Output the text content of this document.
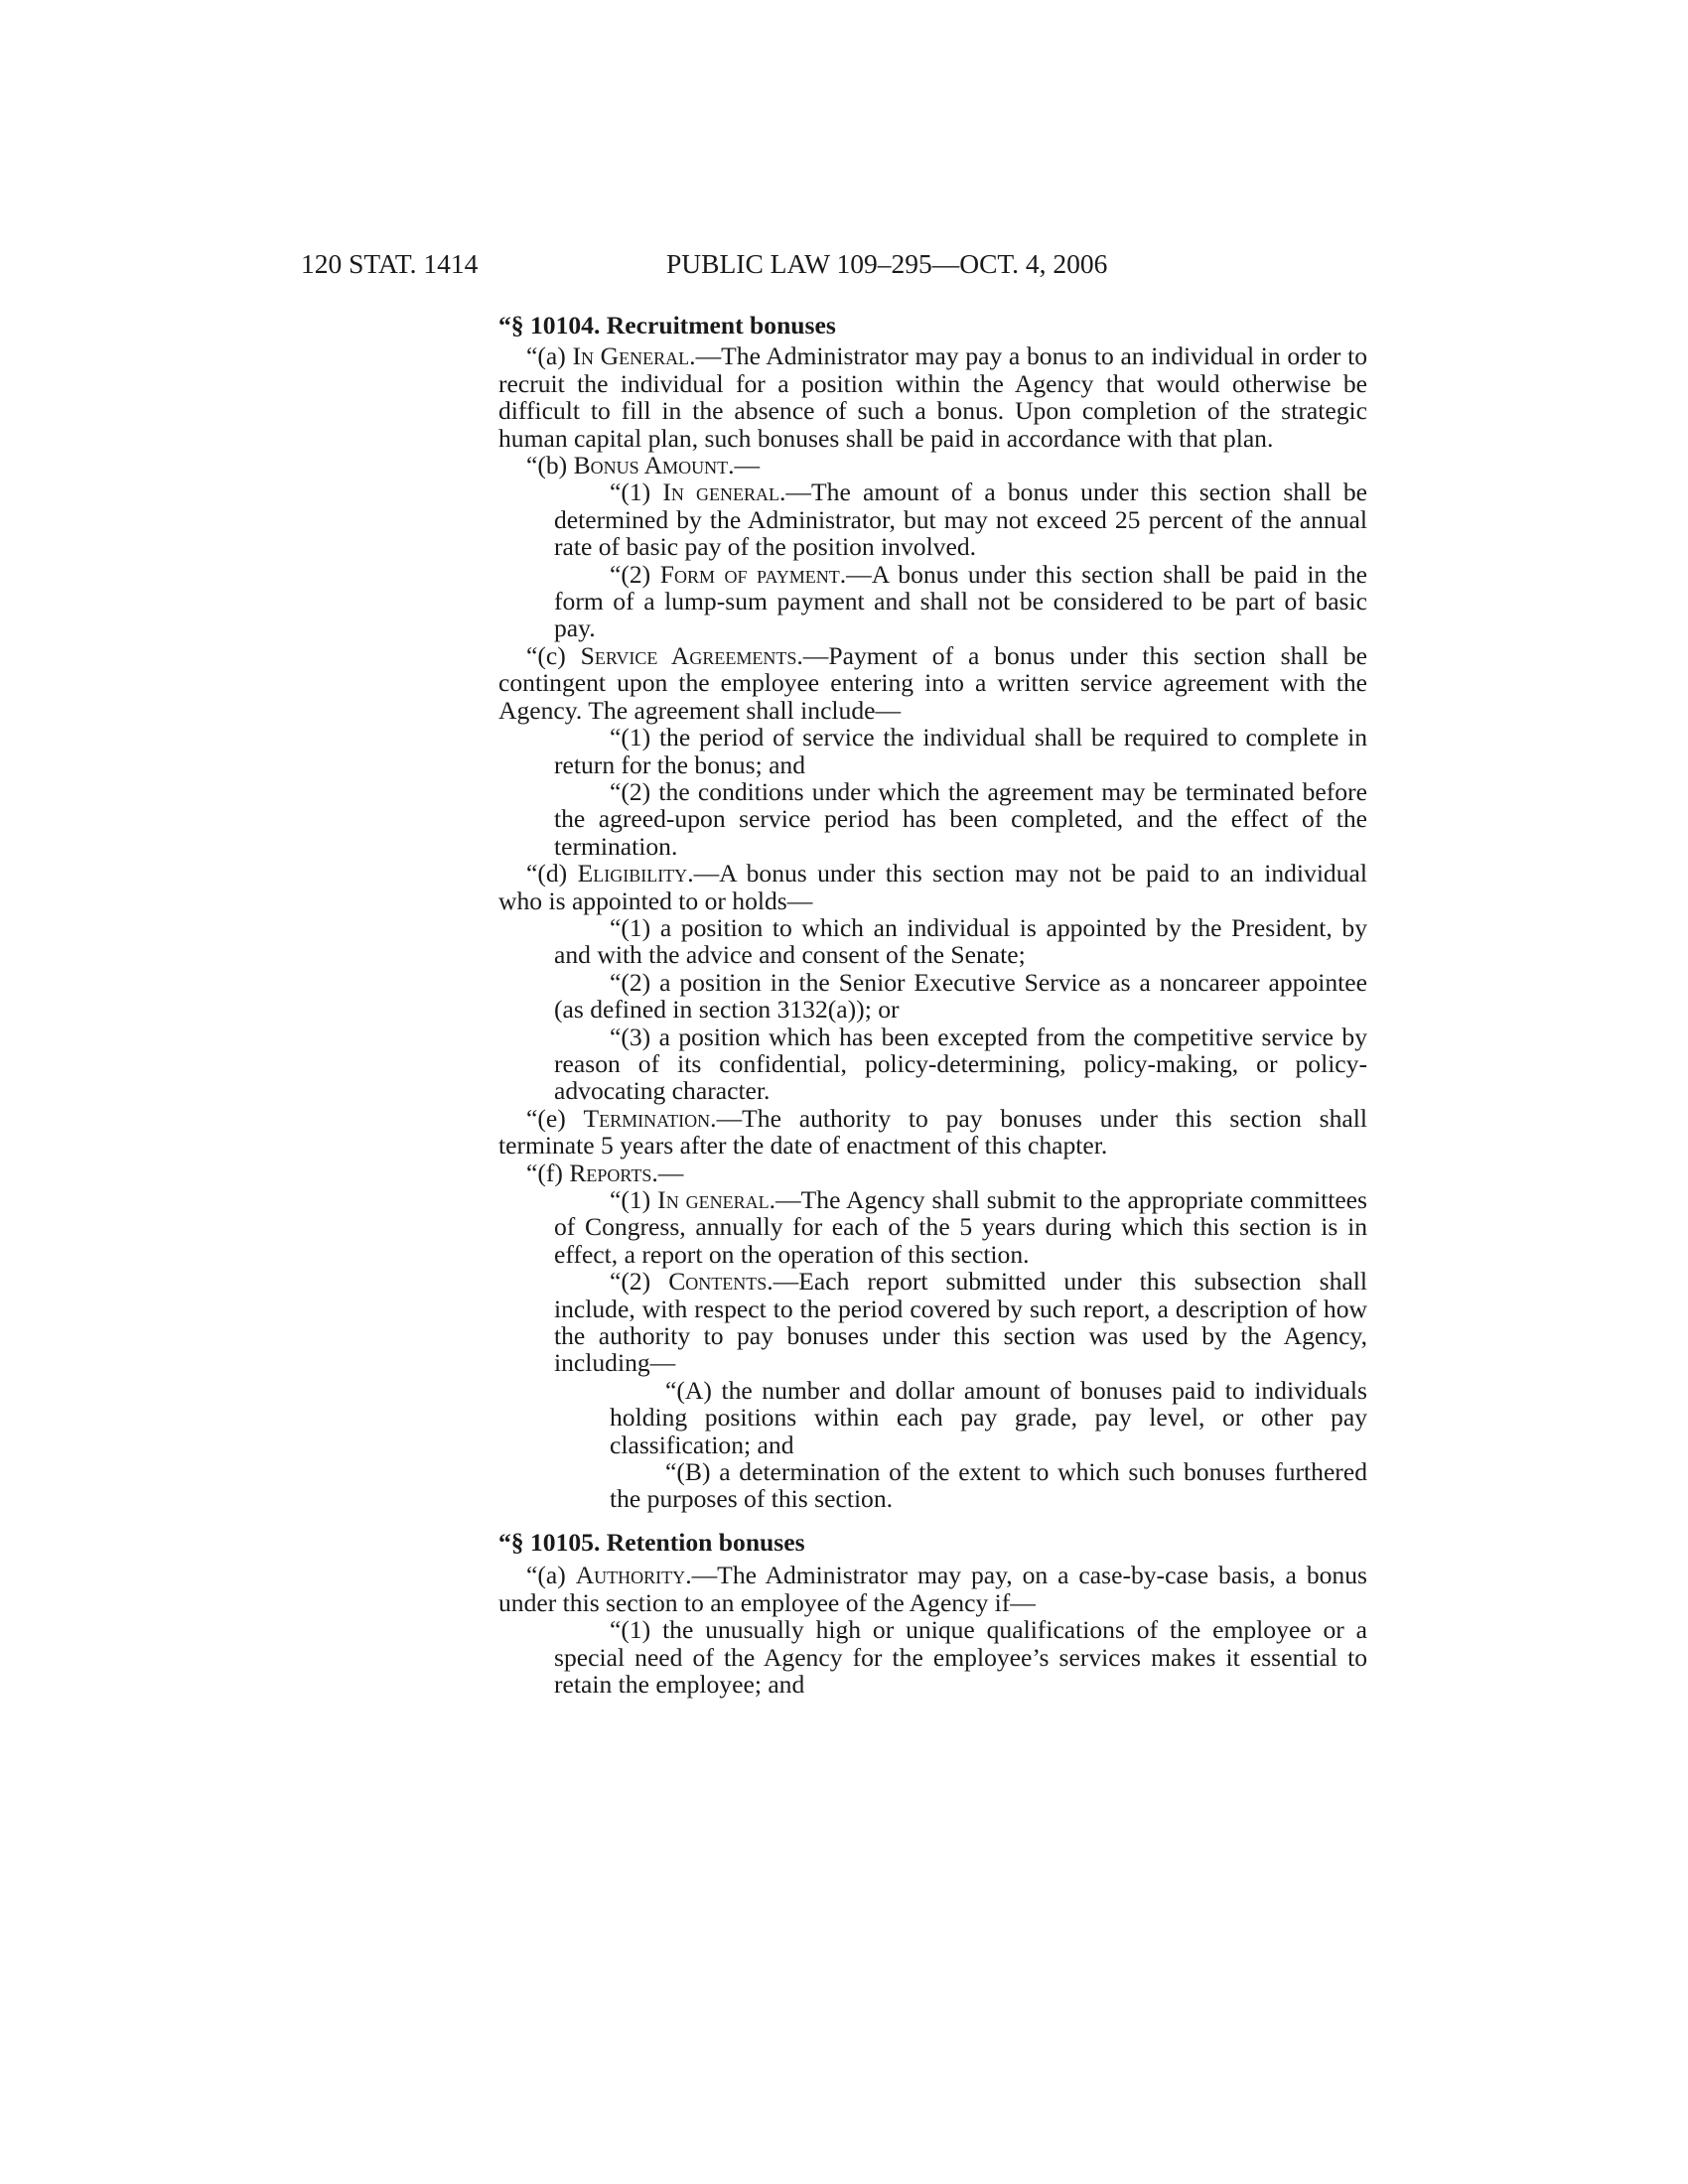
120 STAT. 1414	PUBLIC LAW 109–295—OCT. 4, 2006
“§ 10104. Recruitment bonuses

“(a) In General.—The Administrator may pay a bonus to an individual in order to recruit the individual for a position within the Agency that would otherwise be difficult to fill in the absence of such a bonus. Upon completion of the strategic human capital plan, such bonuses shall be paid in accordance with that plan.

“(b) Bonus Amount.—

“(1) In general.—The amount of a bonus under this section shall be determined by the Administrator, but may not exceed 25 percent of the annual rate of basic pay of the position involved.

“(2) Form of payment.—A bonus under this section shall be paid in the form of a lump-sum payment and shall not be considered to be part of basic pay.

“(c) Service Agreements.—Payment of a bonus under this section shall be contingent upon the employee entering into a written service agreement with the Agency. The agreement shall include—

“(1) the period of service the individual shall be required to complete in return for the bonus; and

“(2) the conditions under which the agreement may be terminated before the agreed-upon service period has been completed, and the effect of the termination.

“(d) Eligibility.—A bonus under this section may not be paid to an individual who is appointed to or holds—

“(1) a position to which an individual is appointed by the President, by and with the advice and consent of the Senate;

“(2) a position in the Senior Executive Service as a noncareer appointee (as defined in section 3132(a)); or

“(3) a position which has been excepted from the competitive service by reason of its confidential, policy-determining, policy-making, or policy-advocating character.

“(e) Termination.—The authority to pay bonuses under this section shall terminate 5 years after the date of enactment of this chapter.

“(f) Reports.—

“(1) In general.—The Agency shall submit to the appropriate committees of Congress, annually for each of the 5 years during which this section is in effect, a report on the operation of this section.

“(2) Contents.—Each report submitted under this subsection shall include, with respect to the period covered by such report, a description of how the authority to pay bonuses under this section was used by the Agency, including—

“(A) the number and dollar amount of bonuses paid to individuals holding positions within each pay grade, pay level, or other pay classification; and

“(B) a determination of the extent to which such bonuses furthered the purposes of this section.

“§ 10105. Retention bonuses

“(a) Authority.—The Administrator may pay, on a case-by-case basis, a bonus under this section to an employee of the Agency if—

“(1) the unusually high or unique qualifications of the employee or a special need of the Agency for the employee’s services makes it essential to retain the employee; and
